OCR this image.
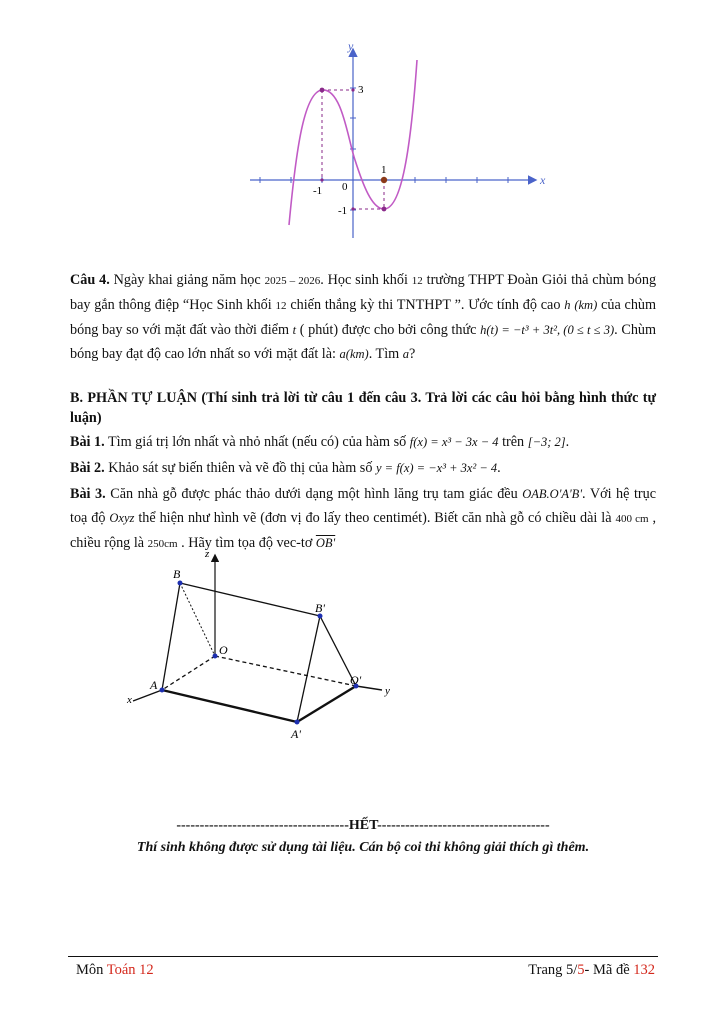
y
x
3
-1 0
1
-1
Câu 4. Ngày khai giảng năm học 2025 – 2026. Học sinh khối 12 trường THPT Đoàn Giỏi thả chùm bóng bay gắn thông điệp “Học Sinh khối 12 chiến thắng kỳ thi TNTHPT ”. Ước tính độ cao h (km) của chùm bóng bay so với mặt đất vào thời điểm t ( phút) được cho bởi công thức h(t) = −t³ + 3t², (0 ≤ t ≤ 3). Chùm bóng bay đạt độ cao lớn nhất so với mặt đất là: a(km). Tìm a?
B. PHẦN TỰ LUẬN (Thí sinh trả lời từ câu 1 đến câu 3. Trả lời các câu hỏi bằng hình thức tự luận)
Bài 1. Tìm giá trị lớn nhất và nhỏ nhất (nếu có) của hàm số f(x) = x³ − 3x − 4 trên [−3; 2].
Bài 2. Khảo sát sự biến thiên và vẽ đồ thị của hàm số y = f(x) = −x³ + 3x² − 4.
Bài 3. Căn nhà gỗ được phác thảo dưới dạng một hình lăng trụ tam giác đều OAB.O'A'B'. Với hệ trục toạ độ Oxyz thể hiện như hình vẽ (đơn vị đo lấy theo centimét). Biết căn nhà gỗ có chiều dài là 400 cm , chiều rộng là 250cm . Hãy tìm tọa độ vec-tơ OB'
B
B'
O
O'
A
A'
x
y
z
-------------------------------------HẾT-------------------------------------
Thí sinh không được sử dụng tài liệu. Cán bộ coi thi không giải thích gì thêm.
Môn Toán 12	Trang 5/5- Mã đề 132
